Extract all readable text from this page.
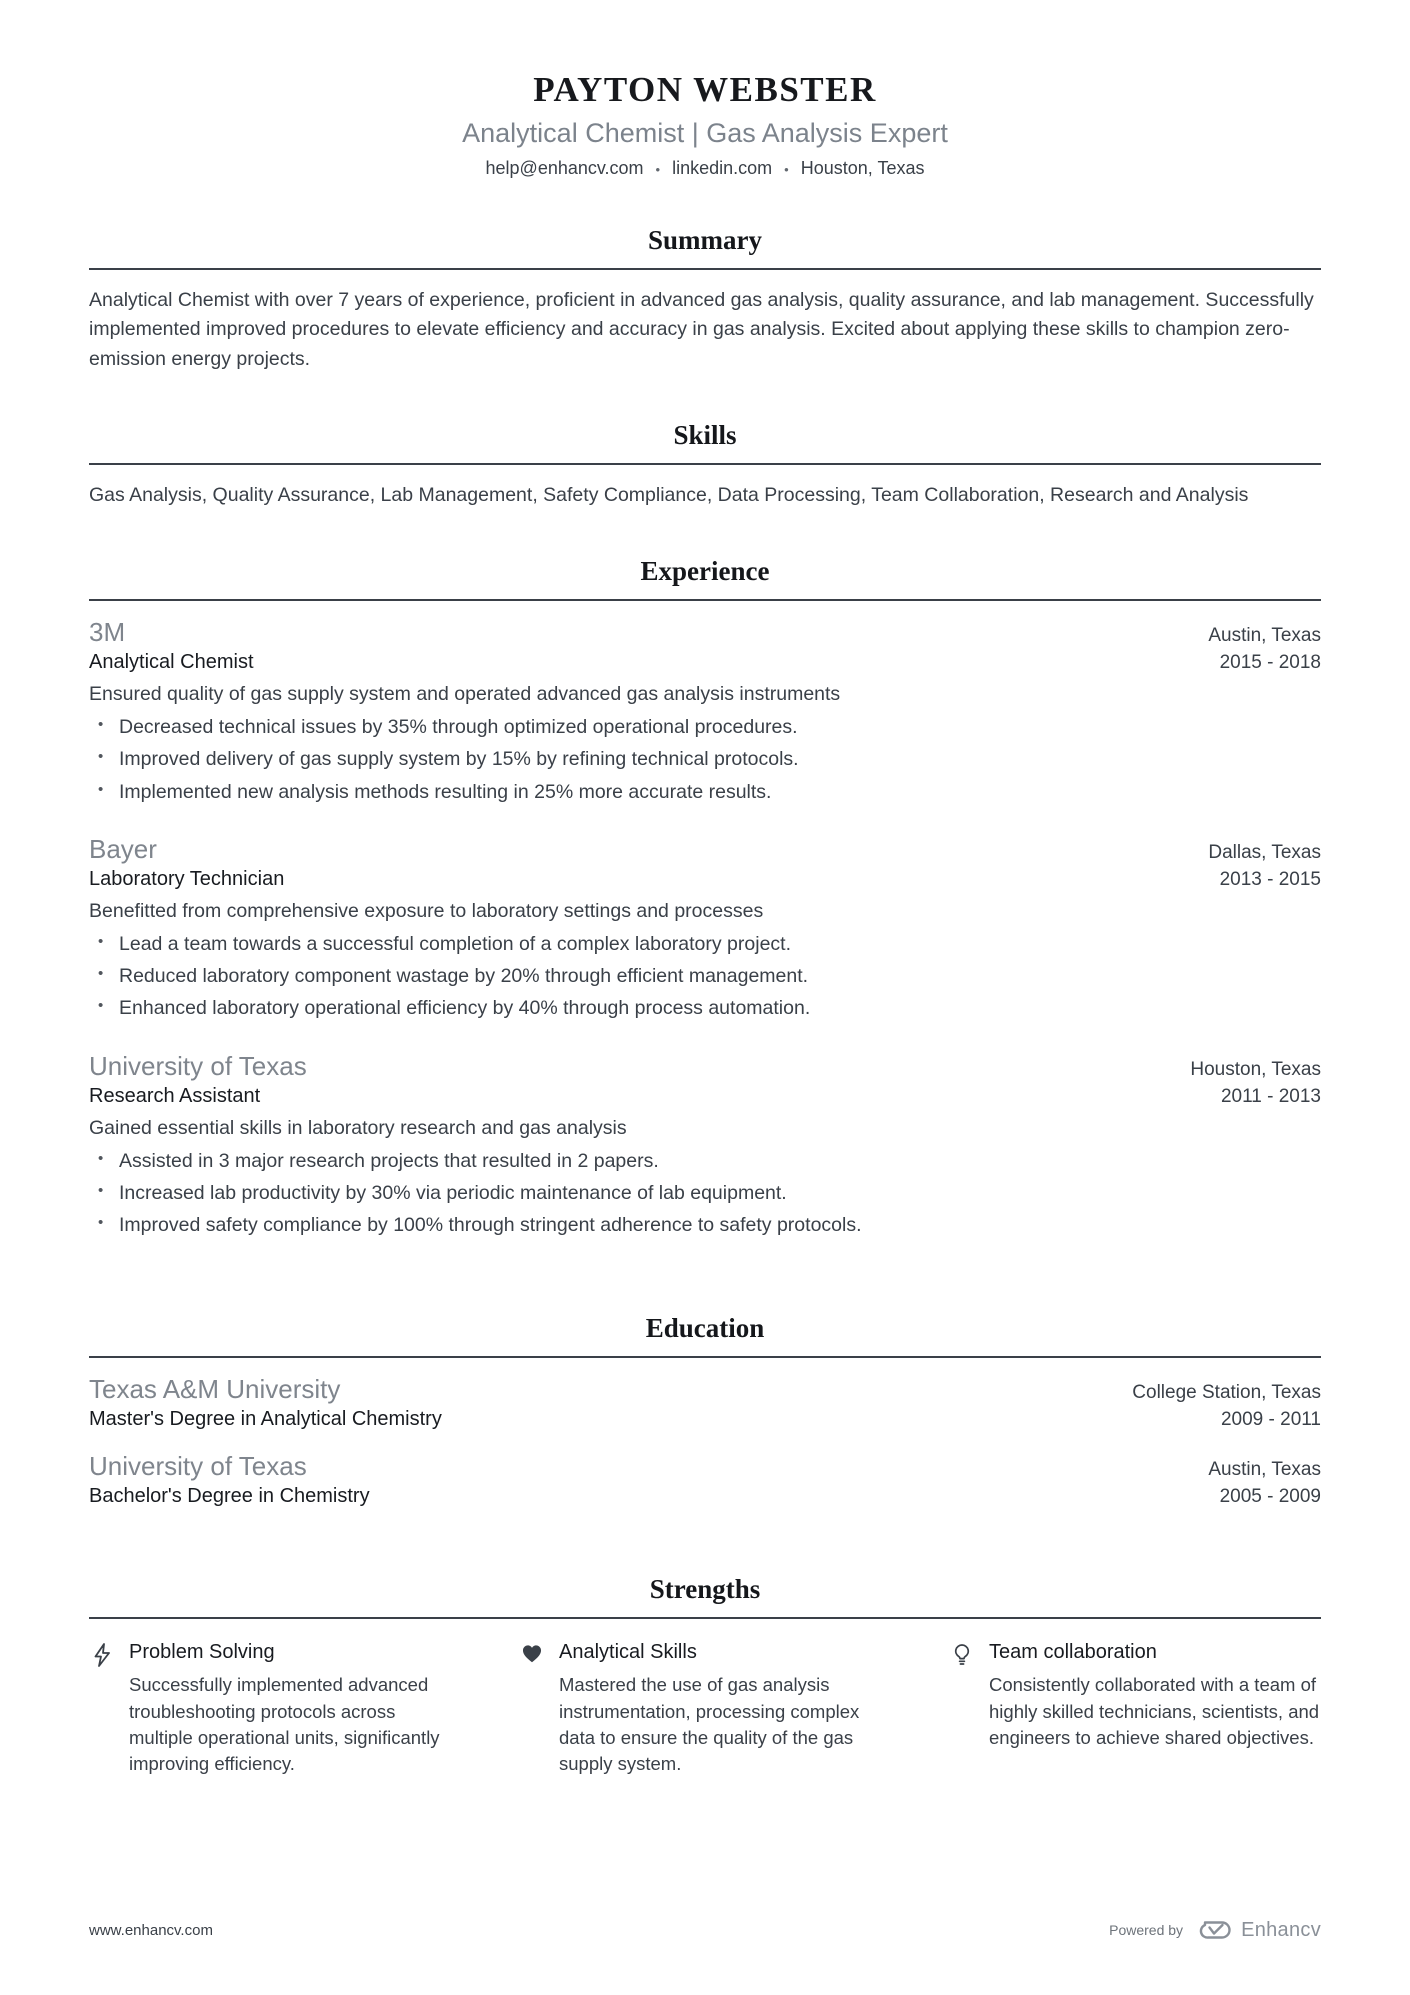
PAYTON WEBSTER
Analytical Chemist | Gas Analysis Expert
help@enhancv.com	• linkedin.com	• Houston, Texas
Summary
Analytical Chemist with over 7 years of experience, proficient in advanced gas analysis, quality assurance, and lab management. Successfully implemented improved procedures to elevate efficiency and accuracy in gas analysis. Excited about applying these skills to champion zero-emission energy projects.
Skills
Gas Analysis, Quality Assurance, Lab Management, Safety Compliance, Data Processing, Team Collaboration, Research and Analysis
Experience
3M	Austin, Texas
Analytical Chemist	2015 - 2018
Ensured quality of gas supply system and operated advanced gas analysis instruments
• Decreased technical issues by 35% through optimized operational procedures.
• Improved delivery of gas supply system by 15% by refining technical protocols.
• Implemented new analysis methods resulting in 25% more accurate results.
Bayer	Dallas, Texas
Laboratory Technician	2013 - 2015
Benefitted from comprehensive exposure to laboratory settings and processes
• Lead a team towards a successful completion of a complex laboratory project.
• Reduced laboratory component wastage by 20% through efficient management.
• Enhanced laboratory operational efficiency by 40% through process automation.
University of Texas	Houston, Texas
Research Assistant	2011 - 2013
Gained essential skills in laboratory research and gas analysis
• Assisted in 3 major research projects that resulted in 2 papers.
• Increased lab productivity by 30% via periodic maintenance of lab equipment.
• Improved safety compliance by 100% through stringent adherence to safety protocols.
Education
Texas A&M University	College Station, Texas
Master's Degree in Analytical Chemistry	2009 - 2011
University of Texas	Austin, Texas
Bachelor's Degree in Chemistry	2005 - 2009
Strengths
Problem Solving
Successfully implemented advanced troubleshooting protocols across multiple operational units, significantly improving efficiency.
Analytical Skills
Mastered the use of gas analysis instrumentation, processing complex data to ensure the quality of the gas supply system.
Team collaboration
Consistently collaborated with a team of highly skilled technicians, scientists, and engineers to achieve shared objectives.
www.enhancv.com	Powered by	Enhancv
